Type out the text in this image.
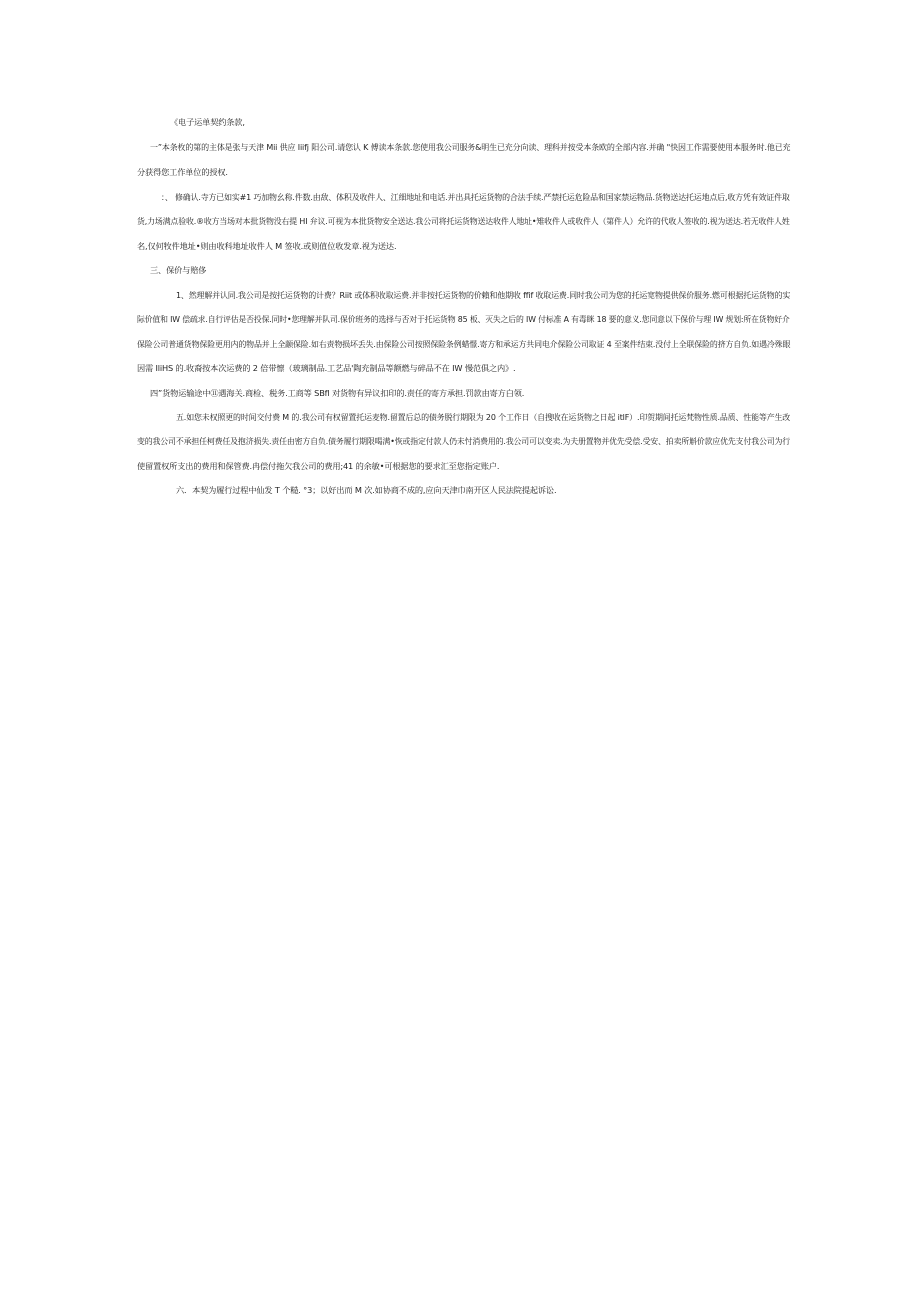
《电子运单契约条款,
一”本条枚的第的主体是张与天津 Mii 供应 Iiifj 阳公司.请您认 K 傅读本条款.您使用我公司服务&明生已充分向读、理科并按受本条欧的全部内容.并确 "快因工作需要使用本服务时.他已充
分获得您工作单位的授权.
：、 修确认.寺方已如实#1 巧加物幺称.件数.由敌、体积及收件人、江细地址和电话.并出具托运货物的合法手续.严禁托运危险品和国家禁运物品.货物送达托运地点后,收方凭有效证件取
货,力场满点验收.®收方当场对本批货物没右提 HI 弁议.可视为本批货物安全送达.我公司将托运货物送达收件人地址•雉收件人或收件人（第件人）允许的代收人签收的.视为送达.若无收件人姓
名,仅何牧件地址•则由收科地址收件人 M 签收.或则值位收发章.视为送达.
三、保价与赔侈
1、然理解并认同.我公司是按托运货物的计费？Riit 或体积收取运费.并非按托运货物的价賴和他期收 ffif 收取运费.同时我公司为您的托运宽物提供保价服务.燃可根据托运货物的实
际价值和 IW 偿疏求.自行评估是否投保.同时•您理解并队司.保价班务的选择与否对于托运货物 85 板、灭失之后的 IW 付标准 A 有毒眯 18 要的意义.您同意以下保价与理 IW 规划:所在货物好介
保险公司普通货物保险更用内的物品并上全颛保险.如右责物损坏丢失.由保险公司按照保险条例蜡憬.寄方和承运方共同电介保险公司取证 4 至案件结束.没付上全联保险的挤方自负.如遇冷殊眼
因需 IliHS 的.收裔按本次运费的 2 倍带懔（玻璃制品.工艺品'陶充制品等额燃与碎品不在 IW 慢范俱之内》.
四”货物运输途中⑪遇海关.商检、税务.工商等 SBfl 对货物有异议扣印的.责任的寄方承担.罚款由寄方白领.
五.如您未权照更的时间交付费 M 的.我公司有权留置托运麦物.留置后总的债务脱行期限为 20 个工作日（自搜收在运货物之日起 itlF）.印贺期间托运梵物性质.品质、性能等产生改
变的我公司不承担任柯费任及抱济损失.责任由密方自负.债务履行期限喝满•恢或指定付款人仍未忖消费用的.我公司可以变卖.为夫册置物并优先受偿.受安、拍卖所斛价款应优先支付我公司为行
使留置权所支出的费用和保管费.冉偿付拖欠我公司的费用;41 的余敏•可根据您的要求汇至您指定账户.
六．本契为履行过程中仙发 T 个糙. °3；以好出而 M 次.如协商不成的,应向天津巾南开区人民法院提起诉讼.
